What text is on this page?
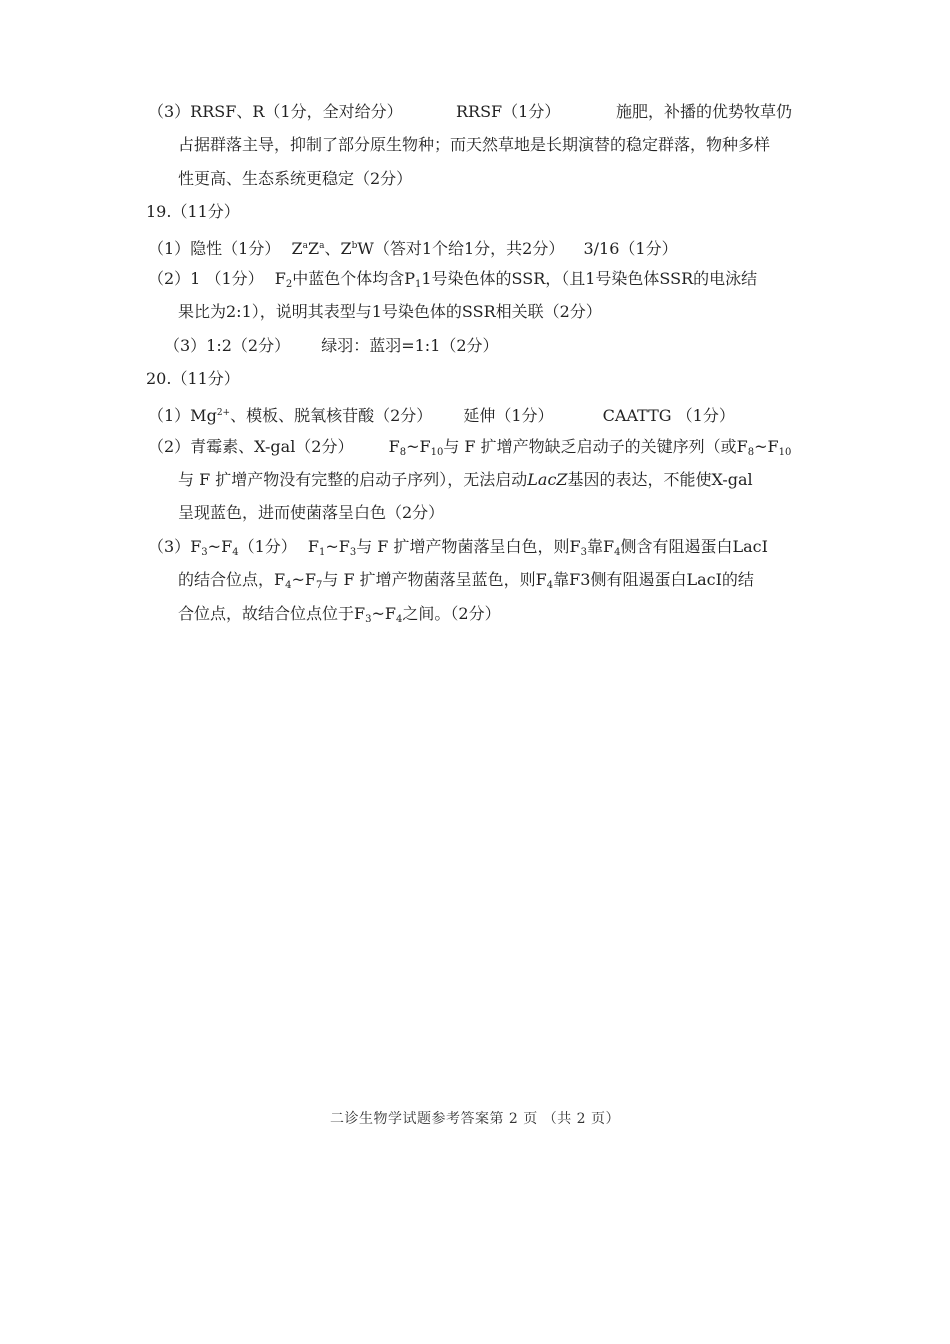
（3）RRSF、R（1分，全对给分）	RRSF（1分）	施肥，补播的优势牧草仍
占据群落主导，抑制了部分原生物种；而天然草地是长期演替的稳定群落，物种多样
性更高、生态系统更稳定（2分）
19.（11分）
（1）隐性（1分） $Z^aZ^a$、$Z^bW$（答对1个给1分，共2分） 3/16（1分）
（2）1 （1分） $F_2$中蓝色个体均含$P_11$号染色体的SSR，（且1号染色体SSR的电泳结
果比为2:1），说明其表型与1号染色体的SSR相关联（2分）
（3）1:2（2分） 绿羽：蓝羽=1:1（2分）
20.（11分）
$(1)Mg^{2+}$、模板、脱氧核苷酸（2分） 延伸（1分）	CAATTG （1分）
（2）青霉素、X-gal（2分） $F_8\sim F_{10}$与 F 扩增产物缺乏启动子的关键序列（或$F_8\sim F_{10}$
与 F 扩增产物没有完整的启动子序列），无法启动LacZ基因的表达，不能使X-gal
呈现蓝色，进而使菌落呈白色（2分）
$(3)F_3\sim F_4(1$分） $F_1\sim F_3$与 F 扩增产物菌落呈白色，则$F_3$靠$F_4$侧含有阻遏蛋白LacI
的结合位点，$F_4\sim F_7$与 F 扩增产物菌落呈蓝色，则$F_4$靠F3侧有阻遏蛋白LacI的结
合位点，故结合位点位于$F_3\sim F_4$之间。（2分）
二诊生物学试题参考答案第 2 页 （共 2 页）
